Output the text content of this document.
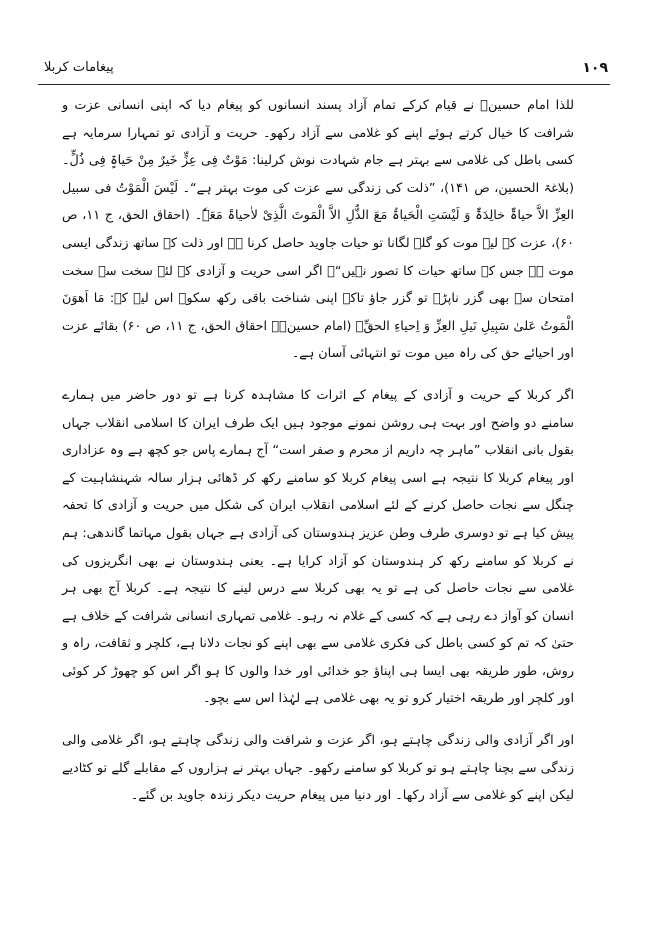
پیغامات کربلا	۱۰۹

للذا امام حسینؑ نے قیام کرکے تمام آزاد پسند انسانوں کو پیغام دیا کہ اپنی انسانی عزت و شرافت کا خیال کرتے ہوئے اپنے کو غلامی سے آزاد رکھو۔ حریت و آزادی تو تمہارا سرمایہ ہے کسی باطل کی غلامی سے بہتر ہے جام شہادت نوش کرلینا: مَوْتٌ فِی عِزٍّ خَیرٌ مِنْ حَیاۃٍ فِی ذُلٍّ۔ (بلاغۃ الحسین، ص ۱۴۱)، ”ذلت کی زندگی سے عزت کی موت بہتر ہے“۔ لَیْسَ الْمَوْتُ فی سبیل العِزِّ الاَّ حیاۃٌ خالِدَۃٌ وَ لَیْسَتِ الْحَیاۃُ مَعَ الذُّلِ الاَّ الْمَوتَ الَّذِیْ لاٰحیاۃَ مَعَہٗ۔ (احقاق الحق، ج ۱۱، ص ۶۰)، عزت کے لیے موت کو گلے لگانا تو حیات جاوید حاصل کرنا ہے اور ذلت کے ساتھ زندگی ایسی موت ہے جس کے ساتھ حیات کا تصور نہیں“۔ اگر اسی حریت و آزادی کے لئے سخت سے سخت امتحان سے بھی گزر ناپڑے تو گزر جاؤ تاکہ اپنی شناخت باقی رکھ سکو۔ اس لیے کہ: مَا اَھوَنَ الْمَوتُ عَلیٰ سَبِیلِ نَیلِ العِزِّ وَ اِحیاءِ الحقِّ۔ (امام حسینؑ۔ احقاق الحق، ج ۱۱، ص ۶۰) بقائے عزت اور احیائے حق کی راہ میں موت تو انتہائی آسان ہے۔

اگر کربلا کے حریت و آزادی کے پیغام کے اثرات کا مشاہدہ کرنا ہے تو دور حاضر میں ہمارے سامنے دو واضح اور بہت ہی روشن نمونے موجود ہیں ایک طرف ایران کا اسلامی انقلاب جہاں بقول بانی انقلاب ”ماہر چہ داریم از محرم و صفر است“ آج ہمارے پاس جو کچھ ہے وہ عزاداری اور پیغام کربلا کا نتیجہ ہے اسی پیغام کربلا کو سامنے رکھ کر ڈھائی ہزار سالہ شہنشاہیت کے چنگل سے نجات حاصل کرنے کے لئے اسلامی انقلاب ایران کی شکل میں حریت و آزادی کا تحفہ پیش کیا ہے تو دوسری طرف وطن عزیز ہندوستان کی آزادی ہے جہاں بقول مہاتما گاندھی: ہم نے کربلا کو سامنے رکھ کر ہندوستان کو آزاد کرایا ہے۔ یعنی ہندوستان نے بھی انگریزوں کی غلامی سے نجات حاصل کی ہے تو یہ بھی کربلا سے درس لینے کا نتیجہ ہے۔ کربلا آج بھی ہر انسان کو آواز دے رہی ہے کہ کسی کے غلام نہ رہو۔ غلامی تمہاری انسانی شرافت کے خلاف ہے حتیٰ کہ تم کو کسی باطل کی فکری غلامی سے بھی اپنے کو نجات دلانا ہے، کلچر و ثقافت، راہ و روش، طور طریقہ بھی ایسا ہی اپناؤ جو خدائی اور خدا والوں کا ہو اگر اس کو چھوڑ کر کوئی اور کلچر اور طریقہ اختیار کرو تو یہ بھی غلامی ہے لہٰذا اس سے بچو۔

اور اگر آزادی والی زندگی چاہتے ہو، اگر عزت و شرافت والی زندگی چاہتے ہو، اگر غلامی والی زندگی سے بچنا چاہتے ہو تو کربلا کو سامنے رکھو۔ جہاں بہتر نے ہزاروں کے مقابلے گلے تو کٹادیے لیکن اپنے کو غلامی سے آزاد رکھا۔ اور دنیا میں پیغام حریت دیکر زندہ جاوید بن گئے۔
